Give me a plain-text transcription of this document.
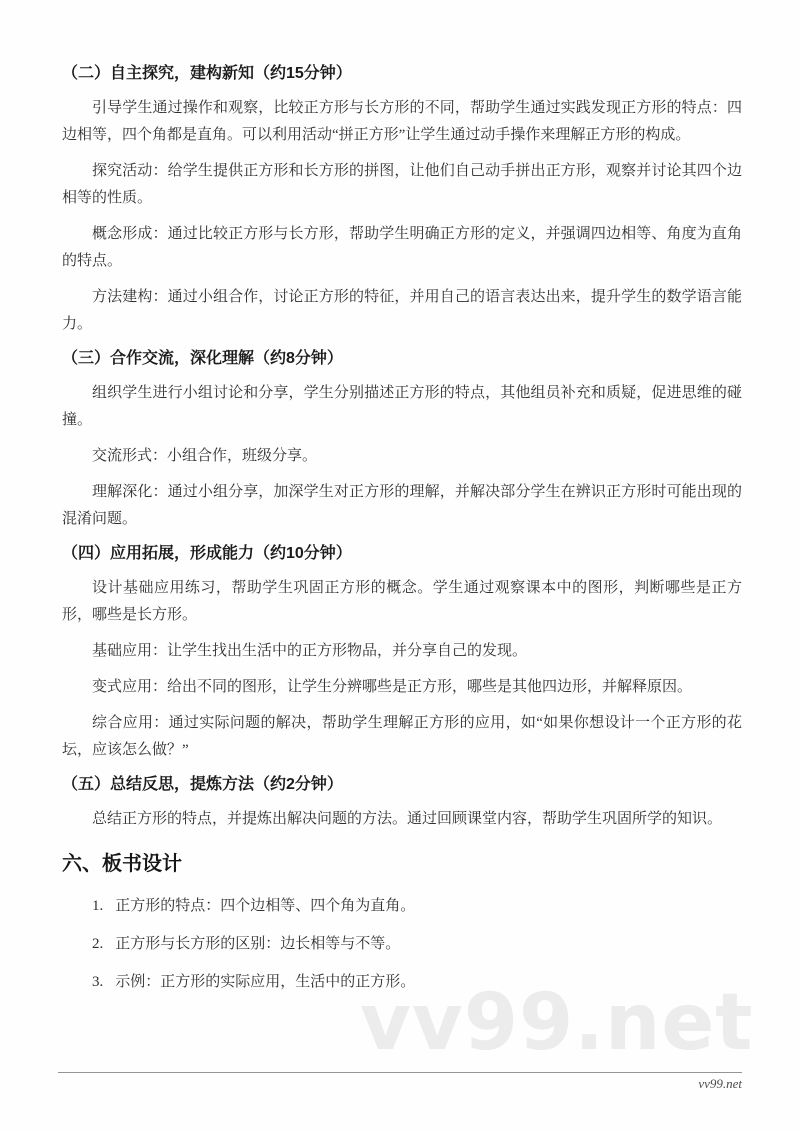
vv99.net
（二）自主探究，建构新知（约15分钟）

引导学生通过操作和观察，比较正方形与长方形的不同，帮助学生通过实践发现正方形的特点：四边相等，四个角都是直角。可以利用活动“拼正方形”让学生通过动手操作来理解正方形的构成。

探究活动：给学生提供正方形和长方形的拼图，让他们自己动手拼出正方形，观察并讨论其四个边相等的性质。

概念形成：通过比较正方形与长方形，帮助学生明确正方形的定义，并强调四边相等、角度为直角的特点。

方法建构：通过小组合作，讨论正方形的特征，并用自己的语言表达出来，提升学生的数学语言能力。

（三）合作交流，深化理解（约8分钟）

组织学生进行小组讨论和分享，学生分别描述正方形的特点，其他组员补充和质疑，促进思维的碰撞。

交流形式：小组合作，班级分享。

理解深化：通过小组分享，加深学生对正方形的理解，并解决部分学生在辨识正方形时可能出现的混淆问题。

（四）应用拓展，形成能力（约10分钟）

设计基础应用练习，帮助学生巩固正方形的概念。学生通过观察课本中的图形，判断哪些是正方形，哪些是长方形。

基础应用：让学生找出生活中的正方形物品，并分享自己的发现。

变式应用：给出不同的图形，让学生分辨哪些是正方形，哪些是其他四边形，并解释原因。

综合应用：通过实际问题的解决，帮助学生理解正方形的应用，如“如果你想设计一个正方形的花坛，应该怎么做？”

（五）总结反思，提炼方法（约2分钟）

总结正方形的特点，并提炼出解决问题的方法。通过回顾课堂内容，帮助学生巩固所学的知识。

六、板书设计
1. 正方形的特点：四个边相等、四个角为直角。
2. 正方形与长方形的区别：边长相等与不等。
3. 示例：正方形的实际应用，生活中的正方形。
vv99.net
